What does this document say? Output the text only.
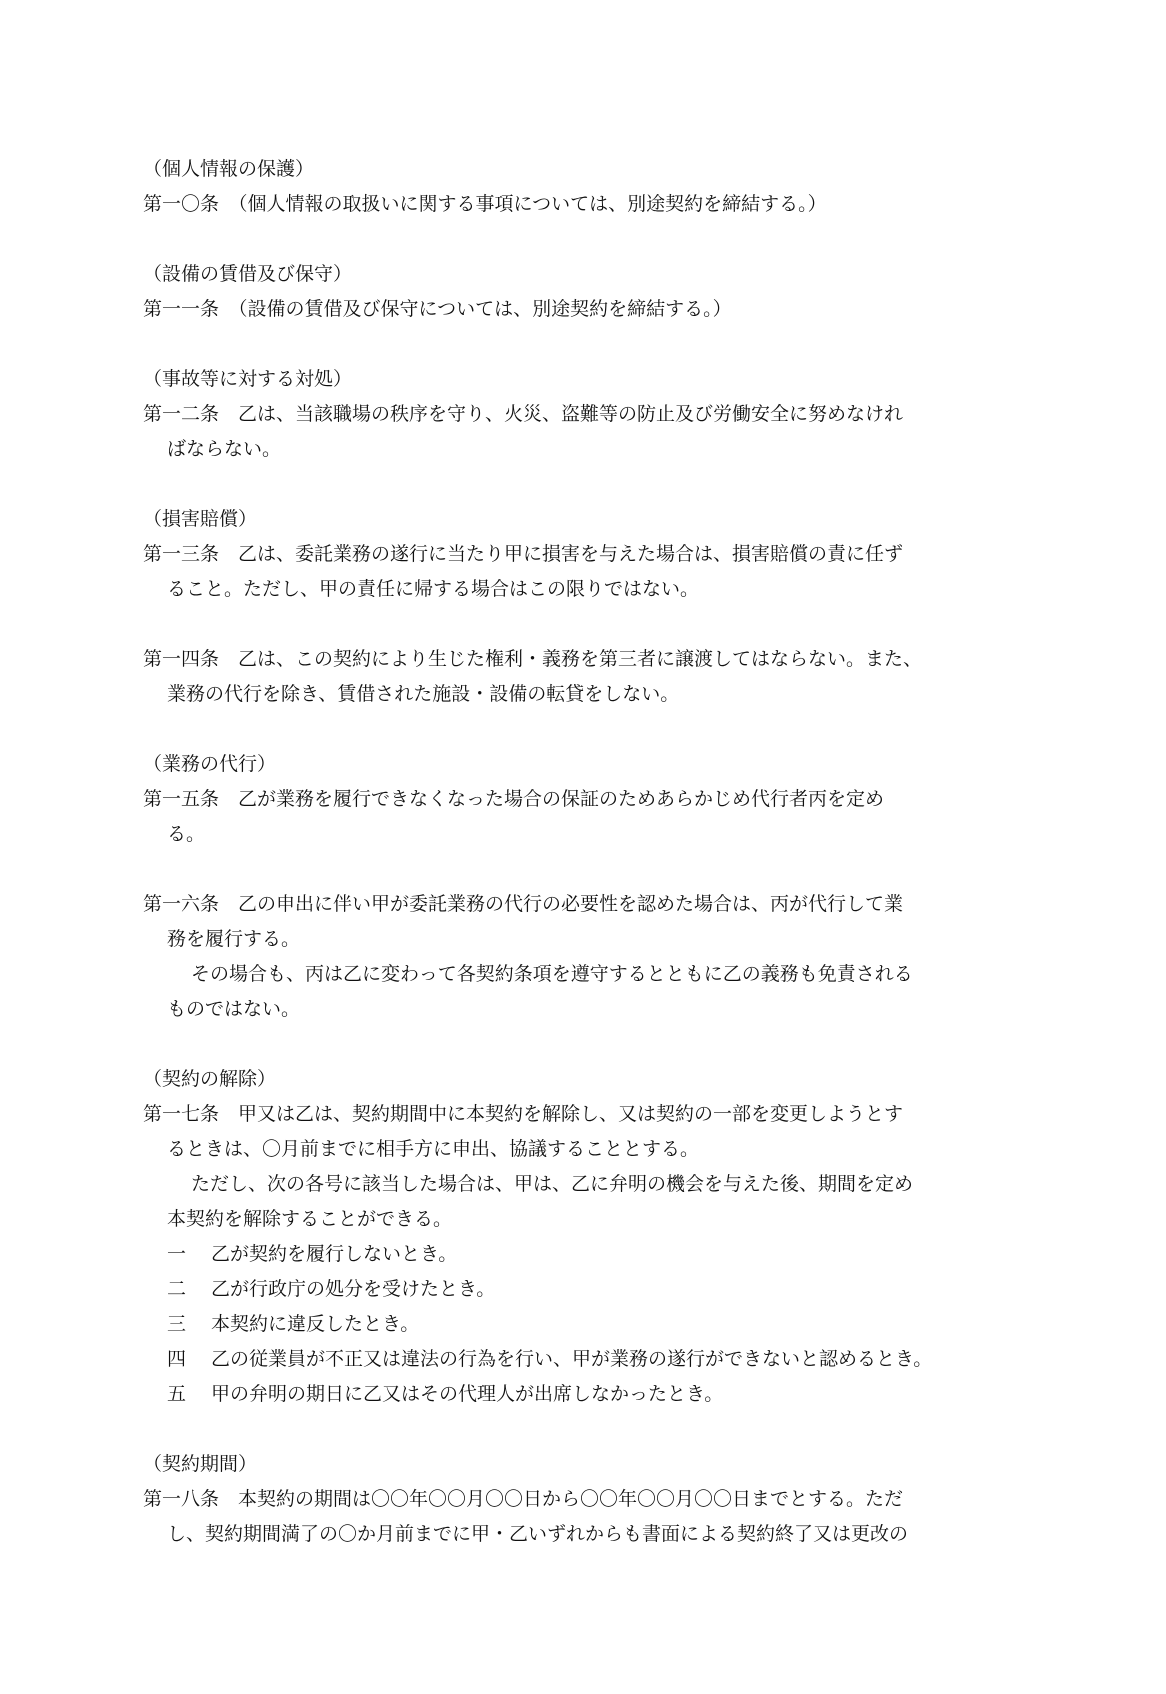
（個人情報の保護）
第一〇条　（個人情報の取扱いに関する事項については、別途契約を締結する。）
（設備の賃借及び保守）
第一一条　（設備の賃借及び保守については、別途契約を締結する。）
（事故等に対する対処）
第一二条　乙は、当該職場の秩序を守り、火災、盗難等の防止及び労働安全に努めなけれ
ばならない。
（損害賠償）
第一三条　乙は、委託業務の遂行に当たり甲に損害を与えた場合は、損害賠償の責に任ず
ること。ただし、甲の責任に帰する場合はこの限りではない。
第一四条　乙は、この契約により生じた権利・義務を第三者に譲渡してはならない。また、
業務の代行を除き、賃借された施設・設備の転貸をしない。
（業務の代行）
第一五条　乙が業務を履行できなくなった場合の保証のためあらかじめ代行者丙を定め
る。
第一六条　乙の申出に伴い甲が委託業務の代行の必要性を認めた場合は、丙が代行して業
務を履行する。
その場合も、丙は乙に変わって各契約条項を遵守するとともに乙の義務も免責される
ものではない。
（契約の解除）
第一七条　甲又は乙は、契約期間中に本契約を解除し、又は契約の一部を変更しようとす
るときは、〇月前までに相手方に申出、協議することとする。
ただし、次の各号に該当した場合は、甲は、乙に弁明の機会を与えた後、期間を定め
本契約を解除することができる。
一 乙が契約を履行しないとき。
二 乙が行政庁の処分を受けたとき。
三 本契約に違反したとき。
四 乙の従業員が不正又は違法の行為を行い、甲が業務の遂行ができないと認めるとき。
五 甲の弁明の期日に乙又はその代理人が出席しなかったとき。
（契約期間）
第一八条　本契約の期間は〇〇年〇〇月〇〇日から〇〇年〇〇月〇〇日までとする。ただ
し、契約期間満了の〇か月前までに甲・乙いずれからも書面による契約終了又は更改の
